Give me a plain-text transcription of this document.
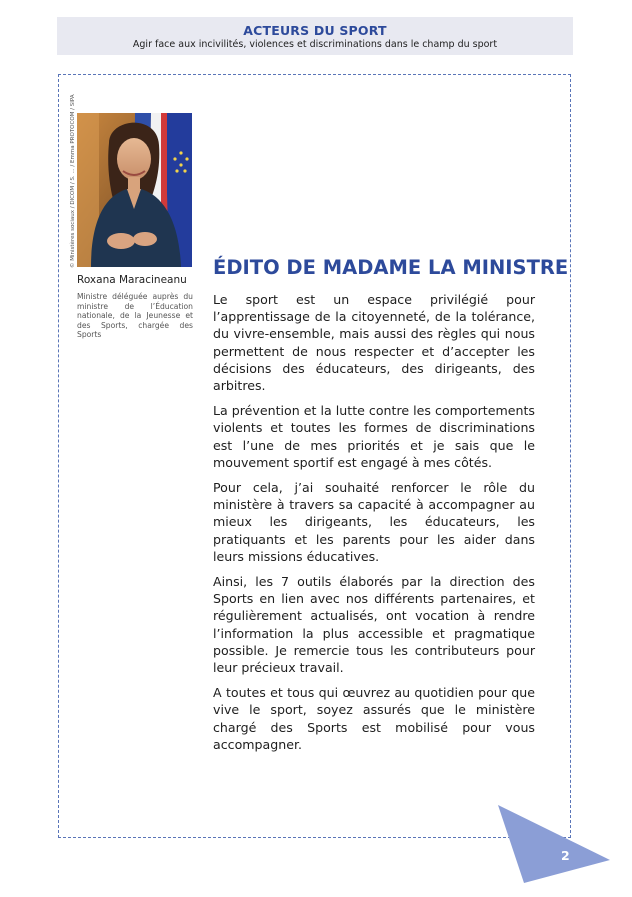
ACTEURS DU SPORT
Agir face aux incivilités, violences et discriminations dans le champ du sport
© Ministères sociaux / DICOM / S. ... / Emma PROTOCOM / SIPA
Roxana Maracineanu
Ministre déléguée auprès du ministre de l’Éducation nationale, de la Jeunesse et des Sports, chargée des Sports
ÉDITO DE MADAME LA MINISTRE

Le sport est un espace privilégié pour l’apprentissage de la citoyenneté, de la tolérance, du vivre-ensemble, mais aussi des règles qui nous permettent de nous respecter et d’accepter les décisions des éducateurs, des dirigeants, des arbitres.

La prévention et la lutte contre les comportements violents et toutes les formes de discriminations est l’une de mes priorités et je sais que le mouvement sportif est engagé à mes côtés.

Pour cela, j’ai souhaité renforcer le rôle du ministère à travers sa capacité à accompagner au mieux les dirigeants, les éducateurs, les pratiquants et les parents pour les aider dans leurs missions éducatives.

Ainsi, les 7 outils élaborés par la direction des Sports en lien avec nos différents partenaires, et régulièrement actualisés, ont vocation à rendre l’information la plus accessible et pragmatique possible. Je remercie tous les contributeurs pour leur précieux travail.

A toutes et tous qui œuvrez au quotidien pour que vive le sport, soyez assurés que le ministère chargé des Sports est mobilisé pour vous accompagner.

2
